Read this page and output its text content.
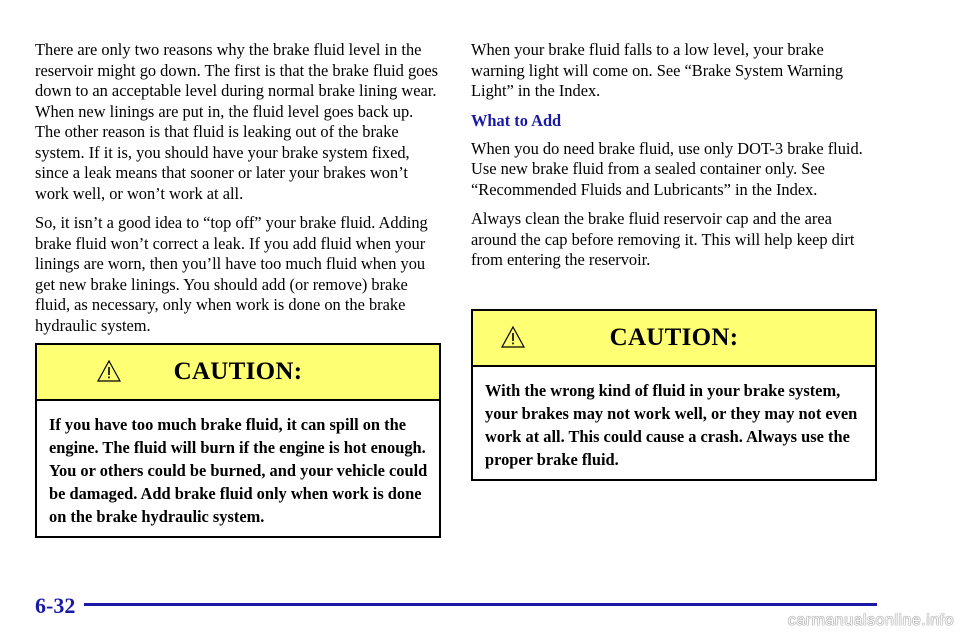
There are only two reasons why the brake fluid level in the reservoir might go down. The first is that the brake fluid goes down to an acceptable level during normal brake lining wear. When new linings are put in, the fluid level goes back up. The other reason is that fluid is leaking out of the brake system. If it is, you should have your brake system fixed, since a leak means that sooner or later your brakes won’t work well, or won’t work at all.

So, it isn’t a good idea to “top off” your brake fluid. Adding brake fluid won’t correct a leak. If you add fluid when your linings are worn, then you’ll have too much fluid when you get new brake linings. You should add (or remove) brake fluid, as necessary, only when work is done on the brake hydraulic system.

CAUTION:
If you have too much brake fluid, it can spill on the engine. The fluid will burn if the engine is hot enough. You or others could be burned, and your vehicle could be damaged. Add brake fluid only when work is done on the brake hydraulic system.

When your brake fluid falls to a low level, your brake warning light will come on. See “Brake System Warning Light” in the Index.

What to Add

When you do need brake fluid, use only DOT-3 brake fluid. Use new brake fluid from a sealed container only. See “Recommended Fluids and Lubricants” in the Index.

Always clean the brake fluid reservoir cap and the area around the cap before removing it. This will help keep dirt from entering the reservoir.

CAUTION:
With the wrong kind of fluid in your brake system, your brakes may not work well, or they may not even work at all. This could cause a crash. Always use the proper brake fluid.
6-32
carmanualsonline.info
